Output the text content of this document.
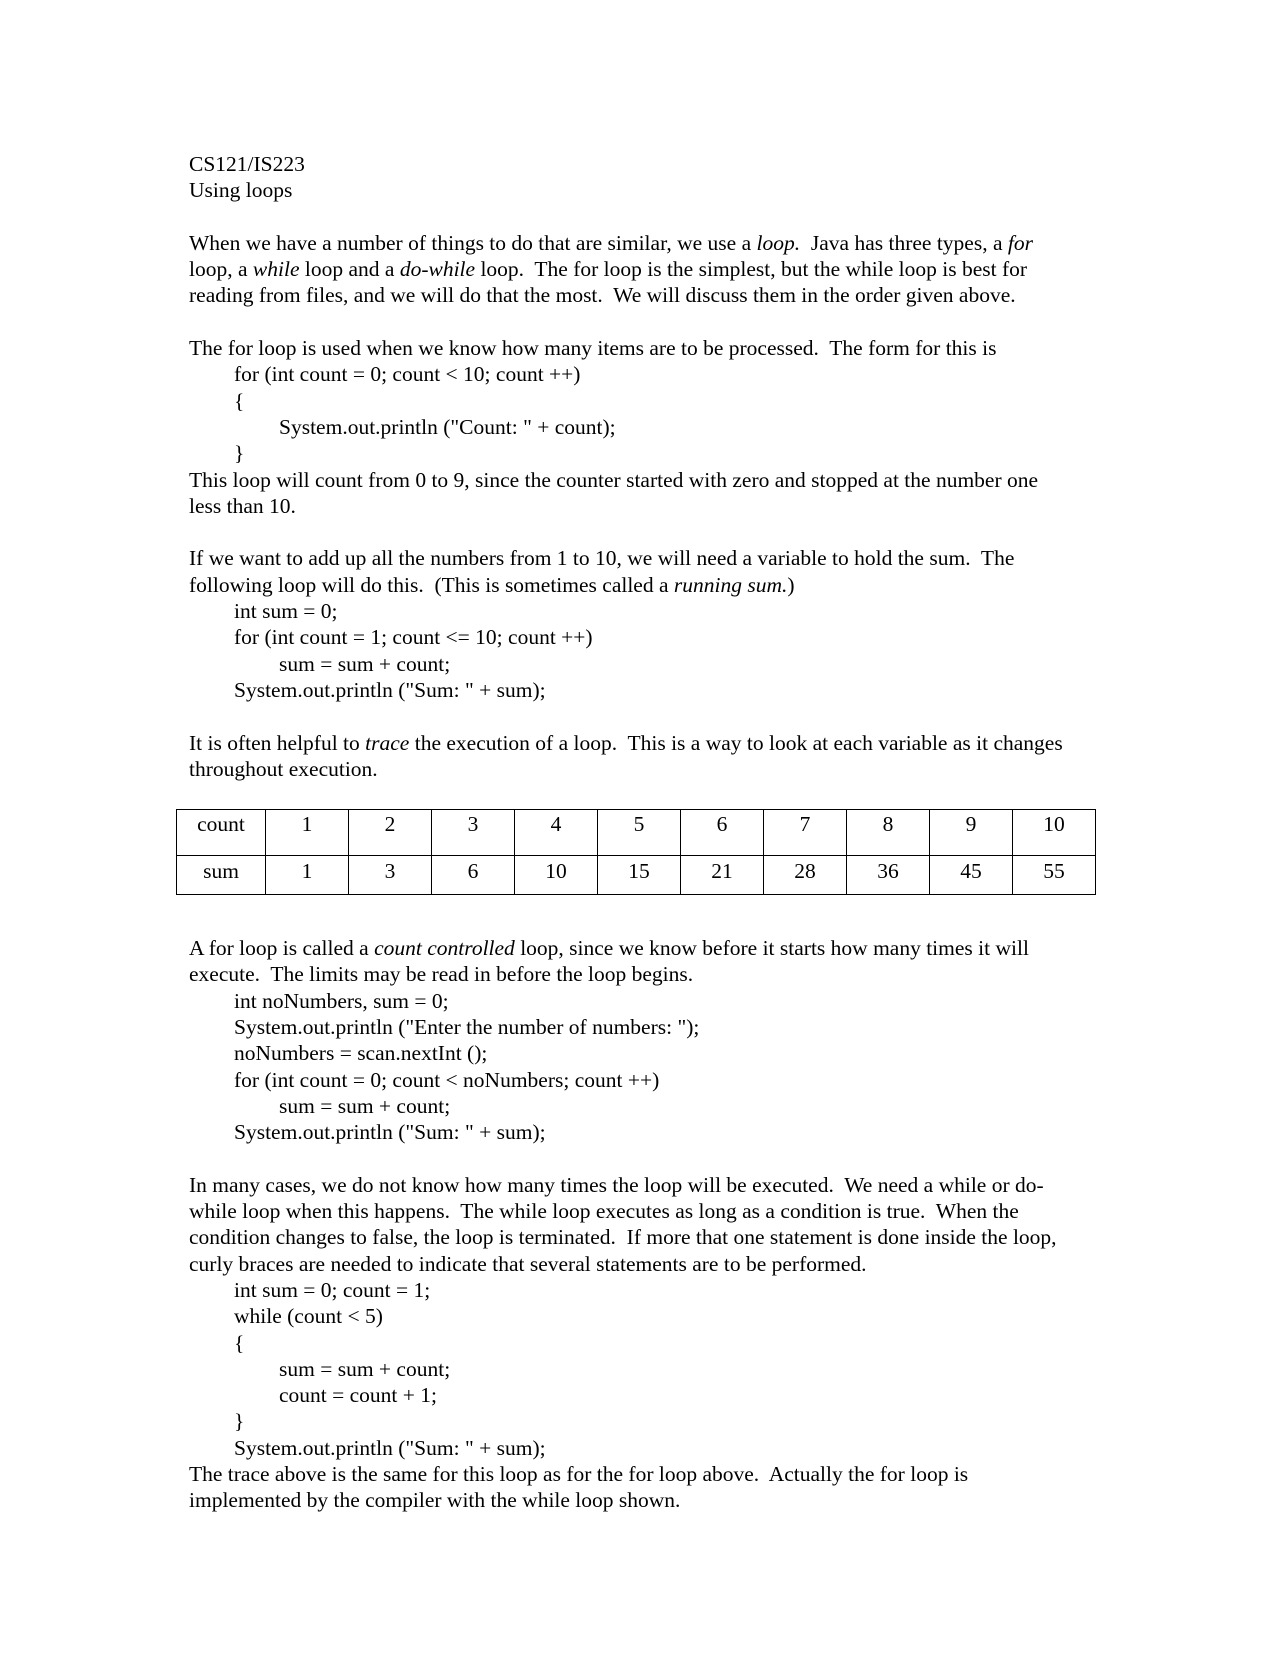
CS121/IS223
Using loops
When we have a number of things to do that are similar, we use a loop.  Java has three types, a for
loop, a while loop and a do-while loop.  The for loop is the simplest, but the while loop is best for
reading from files, and we will do that the most.  We will discuss them in the order given above.
The for loop is used when we know how many items are to be processed.  The form for this is
for (int count = 0; count < 10; count ++)
{
System.out.println ("Count: " + count);
}
This loop will count from 0 to 9, since the counter started with zero and stopped at the number one
less than 10.
If we want to add up all the numbers from 1 to 10, we will need a variable to hold the sum.  The
following loop will do this.  (This is sometimes called a running sum.)
int sum = 0;
for (int count = 1; count <= 10; count ++)
sum = sum + count;
System.out.println ("Sum: " + sum);
It is often helpful to trace the execution of a loop.  This is a way to look at each variable as it changes
throughout execution.
count	1	2	3	4	5	6	7	8	9	10
sum	1	3	6	10	15	21	28	36	45	55
A for loop is called a count controlled loop, since we know before it starts how many times it will
execute.  The limits may be read in before the loop begins.
int noNumbers, sum = 0;
System.out.println ("Enter the number of numbers: ");
noNumbers = scan.nextInt ();
for (int count = 0; count < noNumbers; count ++)
sum = sum + count;
System.out.println ("Sum: " + sum);
In many cases, we do not know how many times the loop will be executed.  We need a while or do-
while loop when this happens.  The while loop executes as long as a condition is true.  When the
condition changes to false, the loop is terminated.  If more that one statement is done inside the loop,
curly braces are needed to indicate that several statements are to be performed.
int sum = 0; count = 1;
while (count < 5)
{
sum = sum + count;
count = count + 1;
}
System.out.println ("Sum: " + sum);
The trace above is the same for this loop as for the for loop above.  Actually the for loop is
implemented by the compiler with the while loop shown.
